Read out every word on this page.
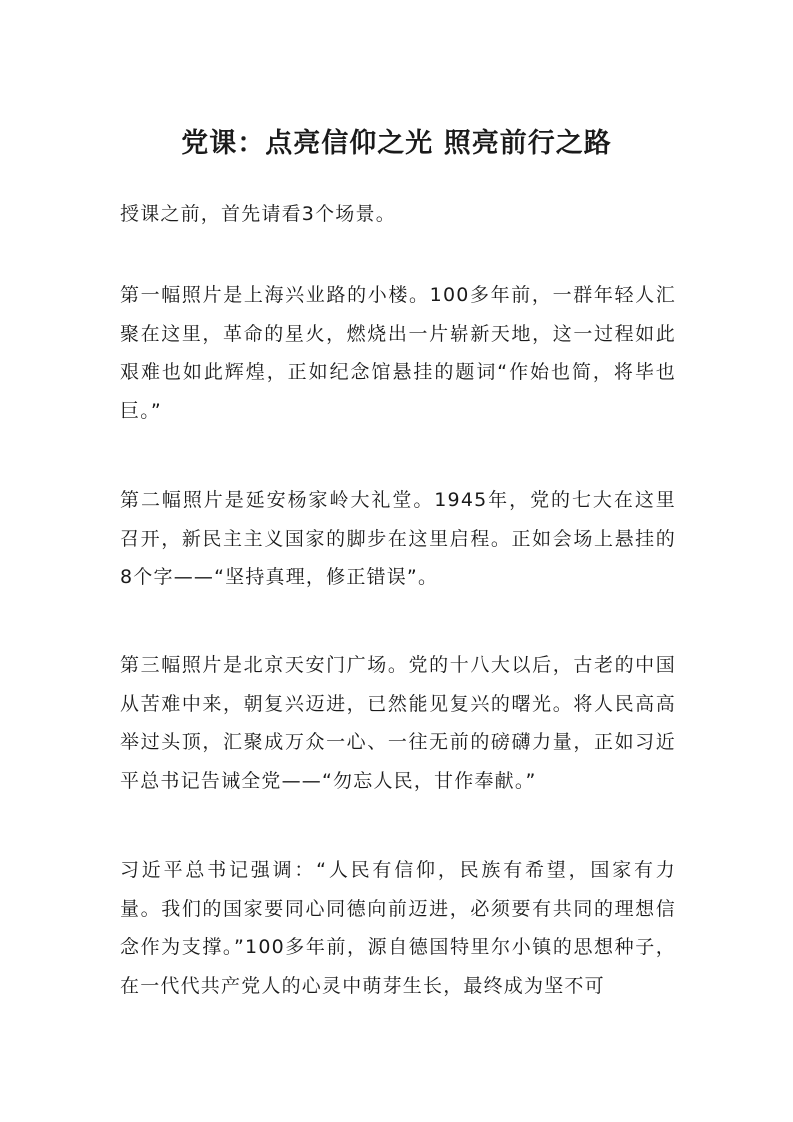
党课：点亮信仰之光 照亮前行之路

授课之前，首先请看3个场景。

第一幅照片是上海兴业路的小楼。100多年前，一群年轻人汇聚在这里，革命的星火，燃烧出一片崭新天地，这一过程如此艰难也如此辉煌，正如纪念馆悬挂的题词“作始也简，将毕也巨。”

第二幅照片是延安杨家岭大礼堂。1945年，党的七大在这里召开，新民主主义国家的脚步在这里启程。正如会场上悬挂的8个字——“坚持真理，修正错误”。

第三幅照片是北京天安门广场。党的十八大以后，古老的中国从苦难中来，朝复兴迈进，已然能见复兴的曙光。将人民高高举过头顶，汇聚成万众一心、一往无前的磅礴力量，正如习近平总书记告诫全党——“勿忘人民，甘作奉献。”

习近平总书记强调：“人民有信仰，民族有希望，国家有力量。我们的国家要同心同德向前迈进，必须要有共同的理想信念作为支撑。”100多年前，源自德国特里尔小镇的思想种子，在一代代共产党人的心灵中萌芽生长，最终成为坚不可
